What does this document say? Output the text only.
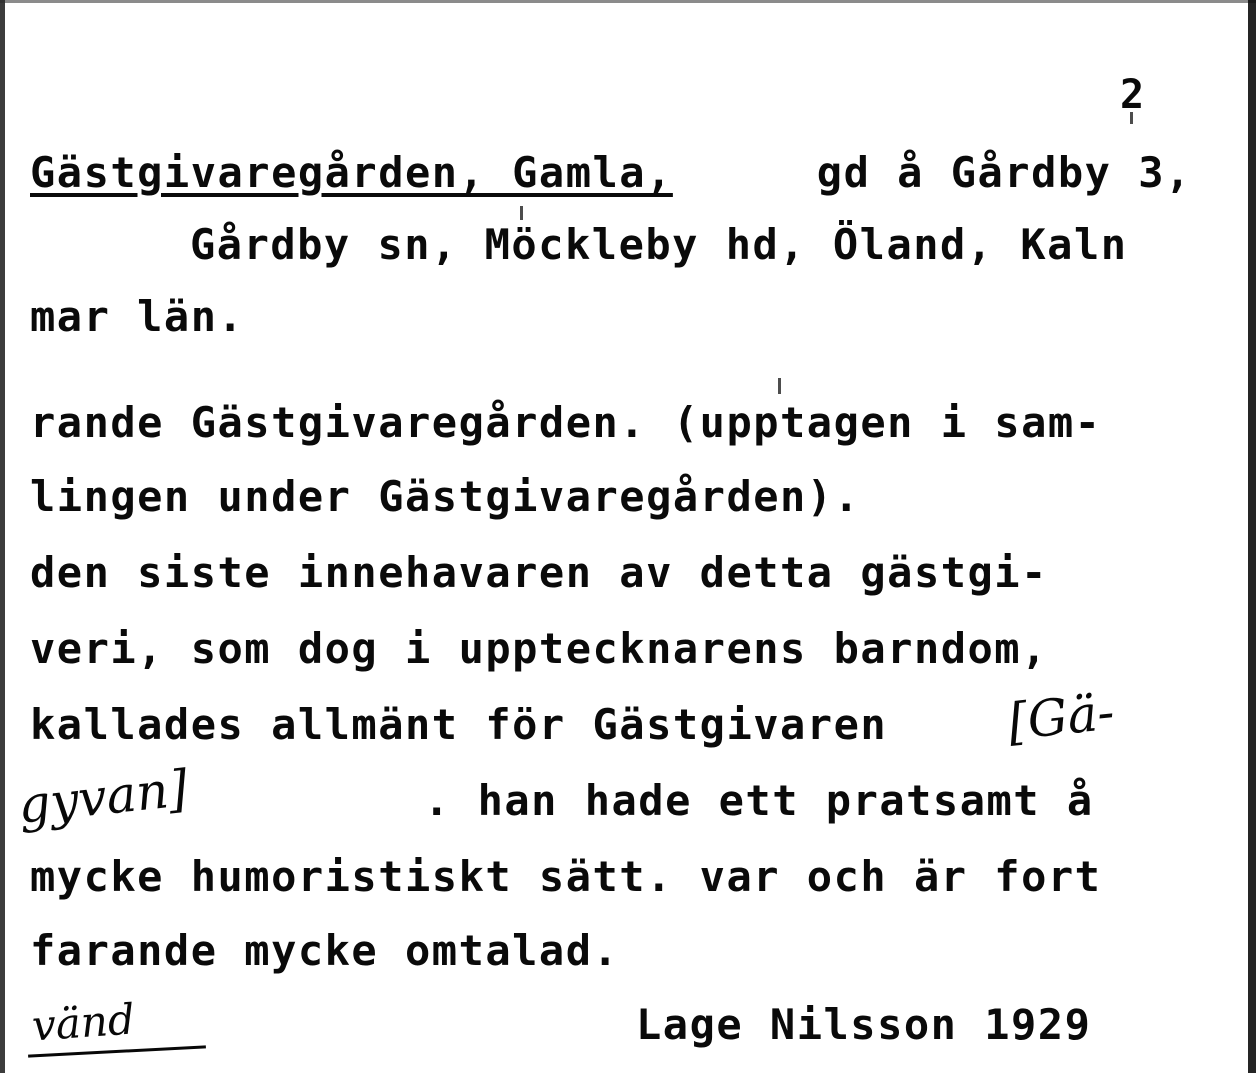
2
Gästgivaregården, Gamla,	gd å Gårdby 3,
Gårdby sn, Möckleby hd, Öland, Kaln
mar län.
rande Gästgivaregården. (upptagen i sam-
lingen under Gästgivaregården).
den siste innehavaren av detta gästgi-
veri, som dog i upptecknarens barndom,
kallades allmänt för Gästgivaren [Gä-
gyvan]	. han hade ett pratsamt å
mycke humoristiskt sätt. var och är fort
farande mycke omtalad.
vänd	Lage Nilsson 1929
